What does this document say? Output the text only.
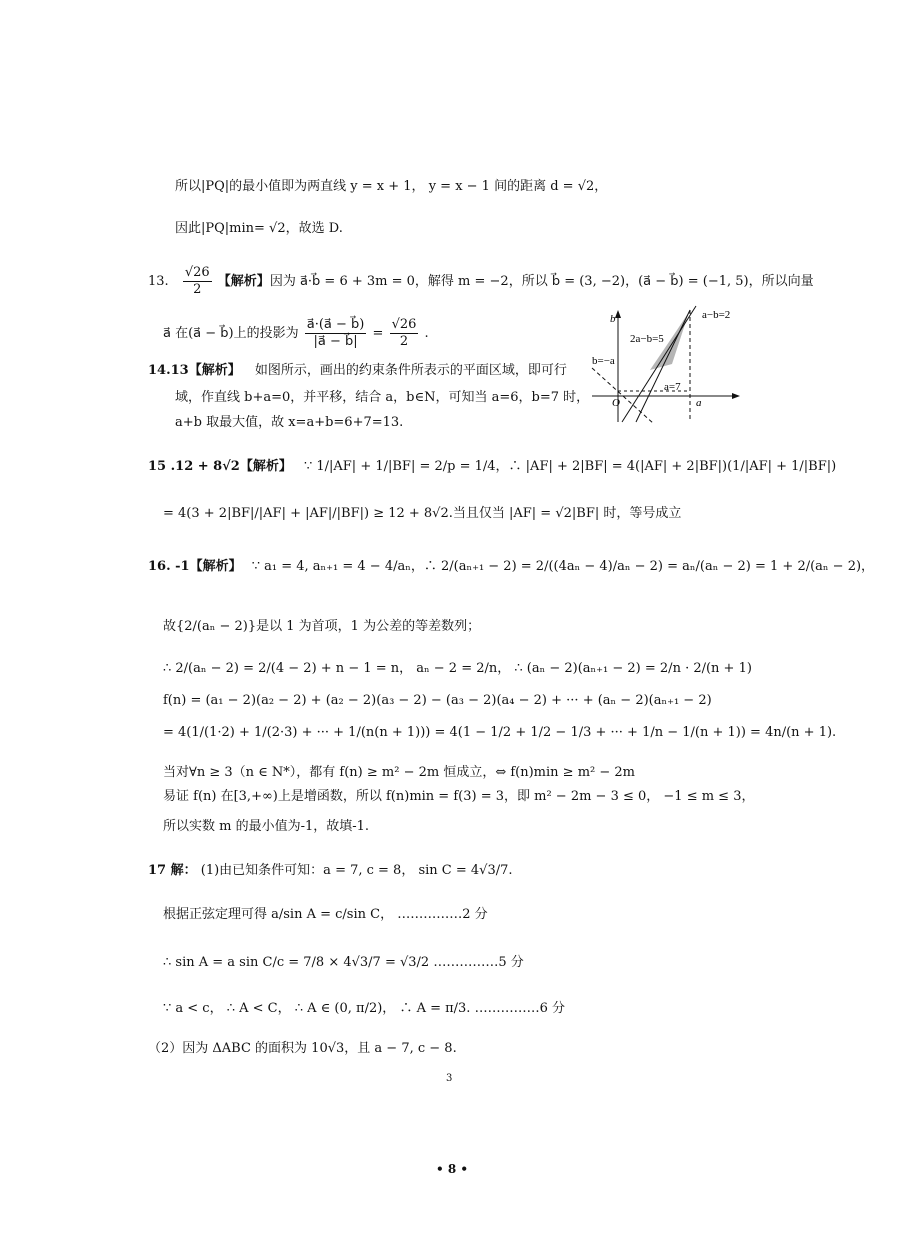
所以|PQ|的最小值即为两直线 y = x + 1， y = x − 1 间的距离 d = √2，
因此|PQ|min= √2，故选 D.
13. $\frac{√26}{2}$ 【解析】因为 a⃗·b⃗ = 6 + 3m = 0，解得 m = −2，所以 b⃗ = (3, −2)，(a⃗ − b⃗) = (−1, 5)，所以向量
a⃗ 在(a⃗ − b⃗)上的投影为 $\frac{a⃗\cdot(a⃗ - b⃗)}{|a⃗ - b⃗|} = \frac{√26}{2}$ .
14.13【解析】 如图所示，画出的约束条件所表示的平面区域，即可行
域，作直线 b+a=0，并平移，结合 a，b∈N，可知当 a=6，b=7 时，
a+b 取最大值，故 x=a+b=6+7=13.
a−b=2
2a−b=5
b=−a
a=7
b
a
O
15 .12 + 8√2【解析】 ∵ 1/|AF| + 1/|BF| = 2/p = 1/4，∴ |AF| + 2|BF| = 4(|AF| + 2|BF|)(1/|AF| + 1/|BF|)
= 4(3 + 2|BF|/|AF| + |AF|/|BF|) ≥ 12 + 8√2.当且仅当 |AF| = √2|BF| 时，等号成立
16. -1【解析】 ∵ a₁ = 4, aₙ₊₁ = 4 − 4/aₙ，∴ 2/(aₙ₊₁ − 2) = 2/((4aₙ − 4)/aₙ − 2) = aₙ/(aₙ − 2) = 1 + 2/(aₙ − 2)，
故{2/(aₙ − 2)}是以 1 为首项，1 为公差的等差数列；
∴ 2/(aₙ − 2) = 2/(4 − 2) + n − 1 = n， aₙ − 2 = 2/n， ∴ (aₙ − 2)(aₙ₊₁ − 2) = 2/n · 2/(n + 1)
f(n) = (a₁ − 2)(a₂ − 2) + (a₂ − 2)(a₃ − 2) − (a₃ − 2)(a₄ − 2) + ··· + (aₙ − 2)(aₙ₊₁ − 2)
= 4(1/(1·2) + 1/(2·3) + ··· + 1/(n(n + 1))) = 4(1 − 1/2 + 1/2 − 1/3 + ··· + 1/n − 1/(n + 1)) = 4n/(n + 1).
当对∀n ≥ 3（n ∈ N*），都有 f(n) ≥ m² − 2m 恒成立，⇔ f(n)min ≥ m² − 2m
易证 f(n) 在[3,+∞)上是增函数，所以 f(n)min = f(3) = 3，即 m² − 2m − 3 ≤ 0， −1 ≤ m ≤ 3，
所以实数 m 的最小值为-1，故填-1.
17 解： (1)由已知条件可知：a = 7, c = 8， sin C = 4√3/7.
根据正弦定理可得 a/sin A = c/sin C， ……………2 分
∴ sin A = a sin C/c = 7/8 × 4√3/7 = √3/2 ……………5 分
∵ a < c， ∴ A < C， ∴ A ∈ (0, π/2)， ∴ A = π/3. ……………6 分
（2）因为 ΔABC 的面积为 10√3，且 a − 7, c − 8.
3
• 8 •
